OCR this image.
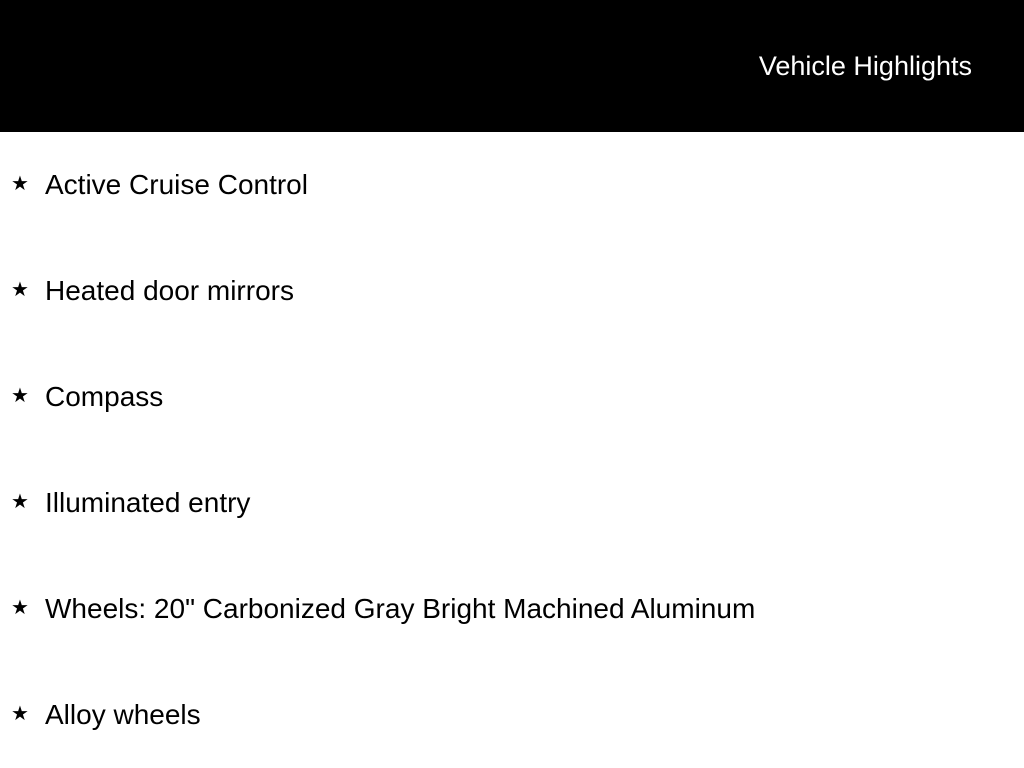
Vehicle Highlights
★ Active Cruise Control
★ Heated door mirrors
★ Compass
★ Illuminated entry
★ Wheels: 20" Carbonized Gray Bright Machined Aluminum
★ Alloy wheels
